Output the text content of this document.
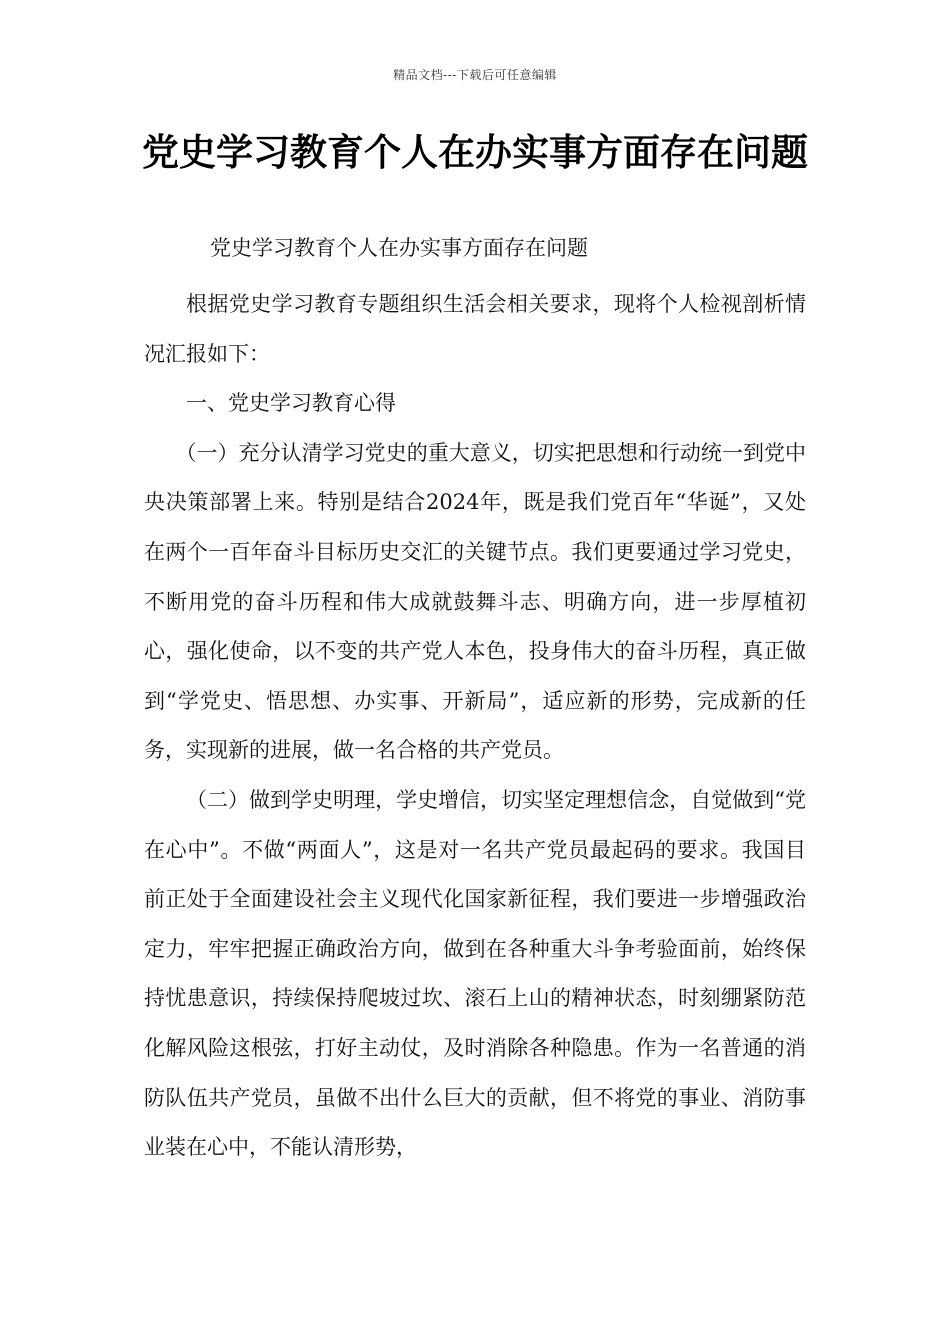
精品文档---下载后可任意编辑
党史学习教育个人在办实事方面存在问题

党史学习教育个人在办实事方面存在问题

根据党史学习教育专题组织生活会相关要求，现将个人检视剖析情况汇报如下：

一、党史学习教育心得

（一）充分认清学习党史的重大意义，切实把思想和行动统一到党中央决策部署上来。特别是结合2024年，既是我们党百年“华诞”，又处在两个一百年奋斗目标历史交汇的关键节点。我们更要通过学习党史，不断用党的奋斗历程和伟大成就鼓舞斗志、明确方向，进一步厚植初心，强化使命，以不变的共产党人本色，投身伟大的奋斗历程，真正做到“学党史、悟思想、办实事、开新局”，适应新的形势，完成新的任务，实现新的进展，做一名合格的共产党员。

（二）做到学史明理，学史增信，切实坚定理想信念，自觉做到“党在心中”。不做“两面人”，这是对一名共产党员最起码的要求。我国目前正处于全面建设社会主义现代化国家新征程，我们要进一步增强政治定力，牢牢把握正确政治方向，做到在各种重大斗争考验面前，始终保持忧患意识，持续保持爬坡过坎、滚石上山的精神状态，时刻绷紧防范化解风险这根弦，打好主动仗，及时消除各种隐患。作为一名普通的消防队伍共产党员，虽做不出什么巨大的贡献，但不将党的事业、消防事业装在心中，不能认清形势，
